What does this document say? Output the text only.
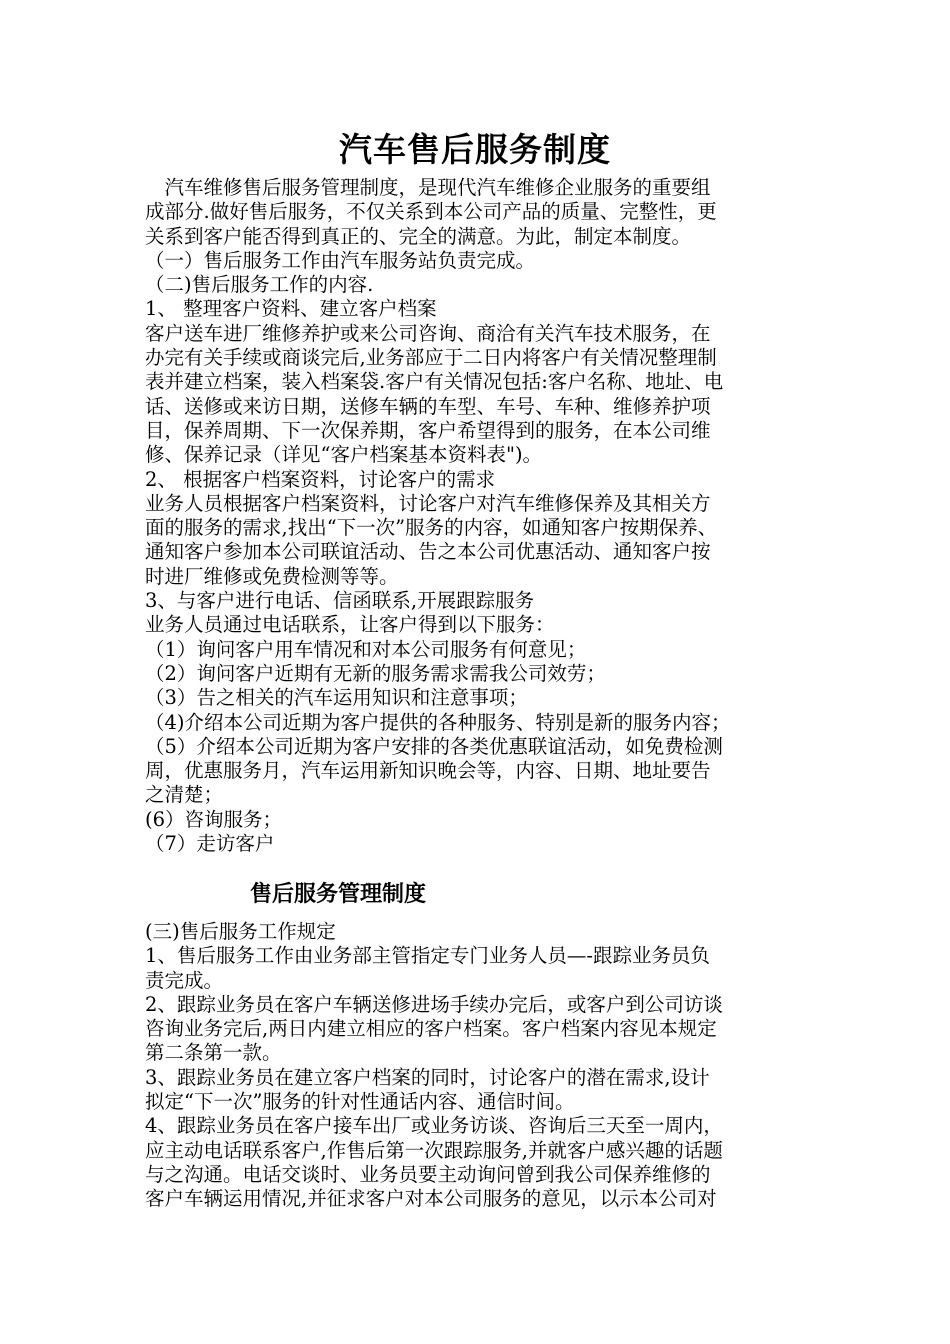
汽车售后服务制度
　汽车维修售后服务管理制度，是现代汽车维修企业服务的重要组
成部分.做好售后服务，不仅关系到本公司产品的质量、完整性，更
关系到客户能否得到真正的、完全的满意。为此，制定本制度。
（一）售后服务工作由汽车服务站负责完成。
（二)售后服务工作的内容.
1、 整理客户资料、建立客户档案
客户送车进厂维修养护或来公司咨询、商洽有关汽车技术服务，在
办完有关手续或商谈完后,业务部应于二日内将客户有关情况整理制
表并建立档案，装入档案袋.客户有关情况包括:客户名称、地址、电
话、送修或来访日期，送修车辆的车型、车号、车种、维修养护项
目，保养周期、下一次保养期，客户希望得到的服务，在本公司维
修、保养记录（详见“客户档案基本资料表")。
2、 根据客户档案资料，讨论客户的需求
业务人员根据客户档案资料，讨论客户对汽车维修保养及其相关方
面的服务的需求,找出“下一次”服务的内容，如通知客户按期保养、
通知客户参加本公司联谊活动、告之本公司优惠活动、通知客户按
时进厂维修或免费检测等等。
3、与客户进行电话、信函联系,开展跟踪服务
业务人员通过电话联系，让客户得到以下服务：
（1）询问客户用车情况和对本公司服务有何意见；
（2）询问客户近期有无新的服务需求需我公司效劳；
（3）告之相关的汽车运用知识和注意事项；
（4)介绍本公司近期为客户提供的各种服务、特别是新的服务内容；
（5）介绍本公司近期为客户安排的各类优惠联谊活动，如免费检测
周，优惠服务月，汽车运用新知识晚会等，内容、日期、地址要告
之清楚；
(6）咨询服务；
（7）走访客户
售后服务管理制度
(三)售后服务工作规定
1、售后服务工作由业务部主管指定专门业务人员—-跟踪业务员负
责完成。
2、跟踪业务员在客户车辆送修进场手续办完后，或客户到公司访谈
咨询业务完后,两日内建立相应的客户档案。客户档案内容见本规定
第二条第一款。
3、跟踪业务员在建立客户档案的同时，讨论客户的潜在需求,设计
拟定“下一次”服务的针对性通话内容、通信时间。
4、跟踪业务员在客户接车出厂或业务访谈、咨询后三天至一周内，
应主动电话联系客户,作售后第一次跟踪服务,并就客户感兴趣的话题
与之沟通。电话交谈时、业务员要主动询问曾到我公司保养维修的
客户车辆运用情况,并征求客户对本公司服务的意见，以示本公司对
